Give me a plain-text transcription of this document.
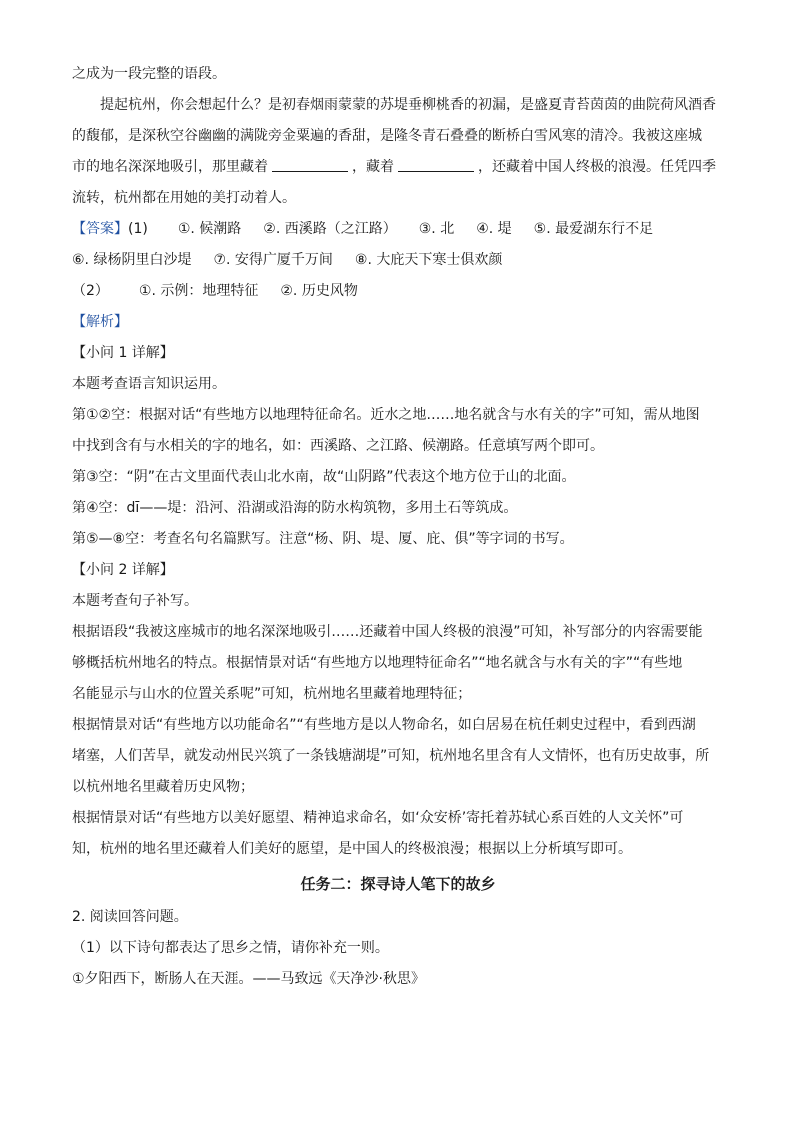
之成为一段完整的语段。
提起杭州，你会想起什么？是初春烟雨蒙蒙的苏堤垂柳桃香的初漏，是盛夏青苔茵茵的曲院荷风酒香
的馥郁，是深秋空谷幽幽的满陇旁金粟遍的香甜，是隆冬青石叠叠的断桥白雪风寒的清冷。我被这座城
市的地名深深地吸引，那里藏着	，藏着	，还藏着中国人终极的浪漫。任凭四季
流转，杭州都在用她的美打动着人。
【答案】(1) ①. 候潮路 ②. 西溪路（之江路） ③. 北 ④. 堤 ⑤. 最爱湖东行不足
⑥. 绿杨阴里白沙堤 ⑦. 安得广厦千万间 ⑧. 大庇天下寒士俱欢颜
（2） ①. 示例：地理特征 ②. 历史风物
【解析】
【小问 1 详解】
本题考查语言知识运用。
第①②空：根据对话“有些地方以地理特征命名。近水之地……地名就含与水有关的字”可知，需从地图
中找到含有与水相关的字的地名，如：西溪路、之江路、候潮路。任意填写两个即可。
第③空：“阴”在古文里面代表山北水南，故“山阴路”代表这个地方位于山的北面。
第④空：dī——堤：沿河、沿湖或沿海的防水构筑物，多用土石等筑成。
第⑤—⑧空：考查名句名篇默写。注意“杨、阴、堤、厦、庇、俱”等字词的书写。
【小问 2 详解】
本题考查句子补写。
根据语段“我被这座城市的地名深深地吸引……还藏着中国人终极的浪漫”可知，补写部分的内容需要能
够概括杭州地名的特点。根据情景对话“有些地方以地理特征命名”“地名就含与水有关的字”“有些地
名能显示与山水的位置关系呢”可知，杭州地名里藏着地理特征；
根据情景对话“有些地方以功能命名”“有些地方是以人物命名，如白居易在杭任刺史过程中，看到西湖
堵塞，人们苦旱，就发动州民兴筑了一条钱塘湖堤”可知，杭州地名里含有人文情怀，也有历史故事，所
以杭州地名里藏着历史风物；
根据情景对话“有些地方以美好愿望、精神追求命名，如‘众安桥’寄托着苏轼心系百姓的人文关怀”可
知，杭州的地名里还藏着人们美好的愿望，是中国人的终极浪漫；根据以上分析填写即可。
任务二：探寻诗人笔下的故乡
2. 阅读回答问题。
（1）以下诗句都表达了思乡之情，请你补充一则。
①夕阳西下，断肠人在天涯。——马致远《天净沙·秋思》
